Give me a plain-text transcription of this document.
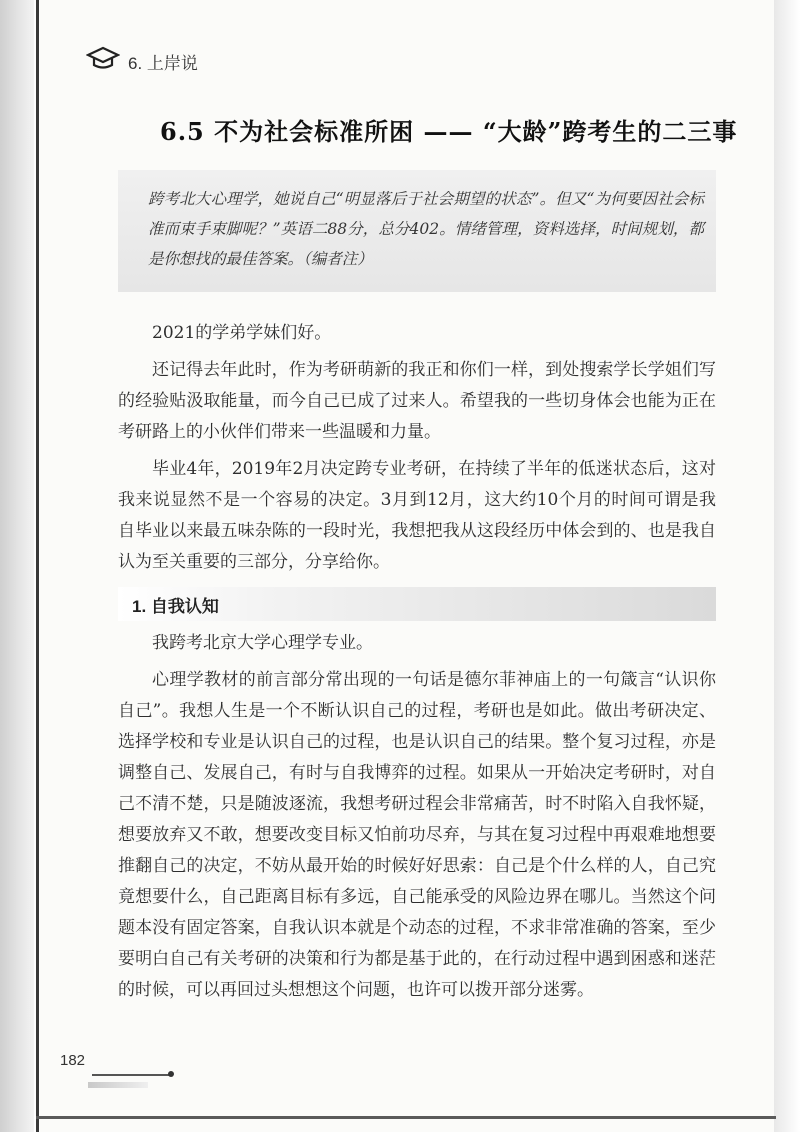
6. 上岸说
6.5 不为社会标准所困 —— “大龄”跨考生的二三事

跨考北大心理学，她说自己“明显落后于社会期望的状态”。但又“为何要因社会标准而束手束脚呢？”英语二88分，总分402。情绪管理，资料选择，时间规划，都是你想找的最佳答案。（编者注）

2021的学弟学妹们好。

还记得去年此时，作为考研萌新的我正和你们一样，到处搜索学长学姐们写的经验贴汲取能量，而今自己已成了过来人。希望我的一些切身体会也能为正在考研路上的小伙伴们带来一些温暖和力量。

毕业4年，2019年2月决定跨专业考研，在持续了半年的低迷状态后，这对我来说显然不是一个容易的决定。3月到12月，这大约10个月的时间可谓是我自毕业以来最五味杂陈的一段时光，我想把我从这段经历中体会到的、也是我自认为至关重要的三部分，分享给你。

1. 自我认知

我跨考北京大学心理学专业。

心理学教材的前言部分常出现的一句话是德尔菲神庙上的一句箴言“认识你自己”。我想人生是一个不断认识自己的过程，考研也是如此。做出考研决定、选择学校和专业是认识自己的过程，也是认识自己的结果。整个复习过程，亦是调整自己、发展自己，有时与自我博弈的过程。如果从一开始决定考研时，对自己不清不楚，只是随波逐流，我想考研过程会非常痛苦，时不时陷入自我怀疑，想要放弃又不敢，想要改变目标又怕前功尽弃，与其在复习过程中再艰难地想要推翻自己的决定，不妨从最开始的时候好好思索：自己是个什么样的人，自己究竟想要什么，自己距离目标有多远，自己能承受的风险边界在哪儿。当然这个问题本没有固定答案，自我认识本就是个动态的过程，不求非常准确的答案，至少要明白自己有关考研的决策和行为都是基于此的，在行动过程中遇到困惑和迷茫的时候，可以再回过头想想这个问题，也许可以拨开部分迷雾。

182
